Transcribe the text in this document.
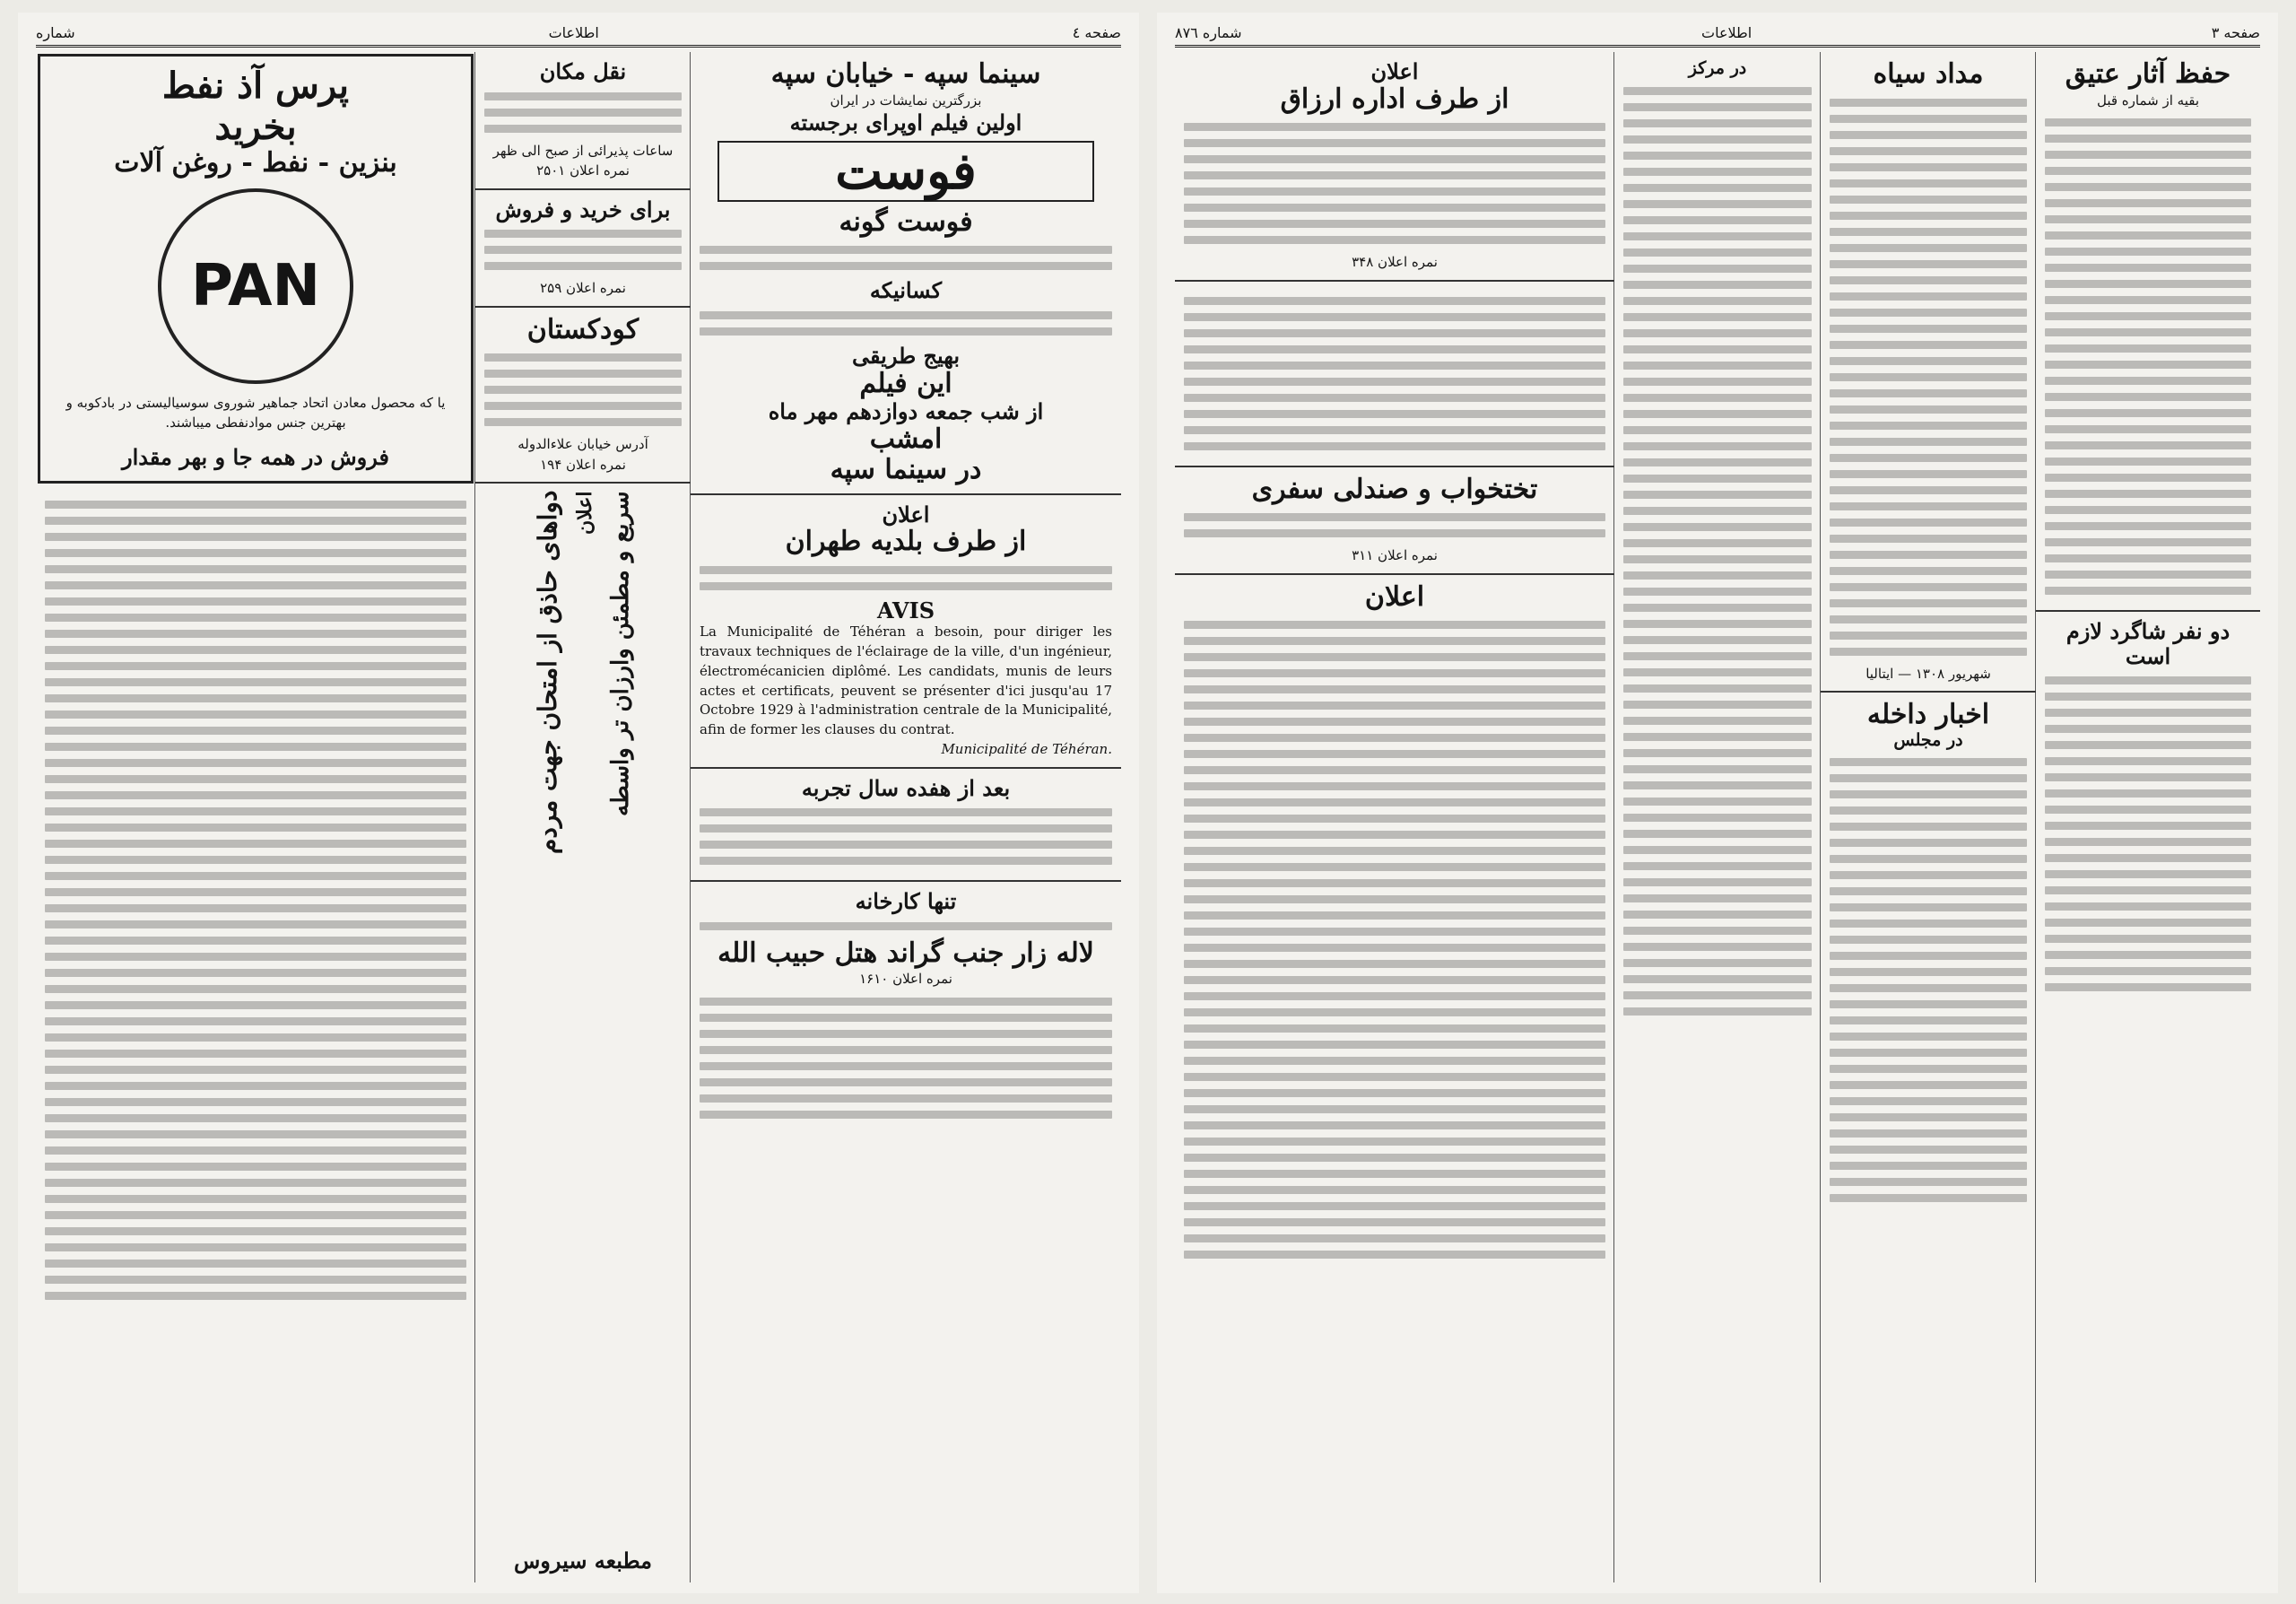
صفحه ٤
اطلاعات
شماره
سینما سپه - خیابان سپه
بزرگترین نمایشات در ایران
اولین فیلم اوپرای برجسته
فوست
فوست گونه
کسانیکه
بهیج طریقی
این فیلم
از شب جمعه دوازدهم مهر ماه
امشب
در سینما سپه
اعلان
از طرف بلدیه طهران
AVIS
La Municipalité de Téhéran a besoin, pour diriger les travaux techniques de l'éclairage de la ville, d'un ingénieur, électromécanicien diplômé. Les candidats, munis de leurs actes et certificats, peuvent se présenter d'ici jusqu'au 17 Octobre 1929 à l'administration centrale de la Municipalité, afin de former les clauses du contrat.
Municipalité de Téhéran.
بعد از هفده سال تجربه
تنها کارخانه
لاله زار جنب گراند هتل حبیب الله
نمره اعلان ۱۶۱۰
نقل مکان
ساعات پذیرائی از صبح الی ظهر
نمره اعلان ۲۵۰۱
برای خرید و فروش
نمره اعلان ۲۵۹
کودکستان
آدرس خیابان علاءالدوله
نمره اعلان ۱۹۴
سریع و مطمئن وارزان تر واسطه
اعلان
دواهای حاذق از امتحان جهت مردم
مطبعه سیروس
پرس آذ نفط
بخرید
بنزین - نفط - روغن آلات
PAN
یا که محصول معادن اتحاد جماهیر شوروی سوسیالیستی در بادکوبه و بهترین جنس موادنفطی میباشند.
فروش در همه جا و بهر مقدار
صفحه ۳
اطلاعات
شماره ٨٧٦
حفظ آثار عتیق
بقیه از شماره قبل
دو نفر شاگرد لازم است
مداد سیاه
شهریور ۱۳۰۸ — ایتالیا
اخبار داخله
در مجلس
در مرکز
اعلان
از طرف اداره ارزاق
نمره اعلان ۳۴۸
تختخواب و صندلی سفری
نمره اعلان ۳۱۱
اعلان
